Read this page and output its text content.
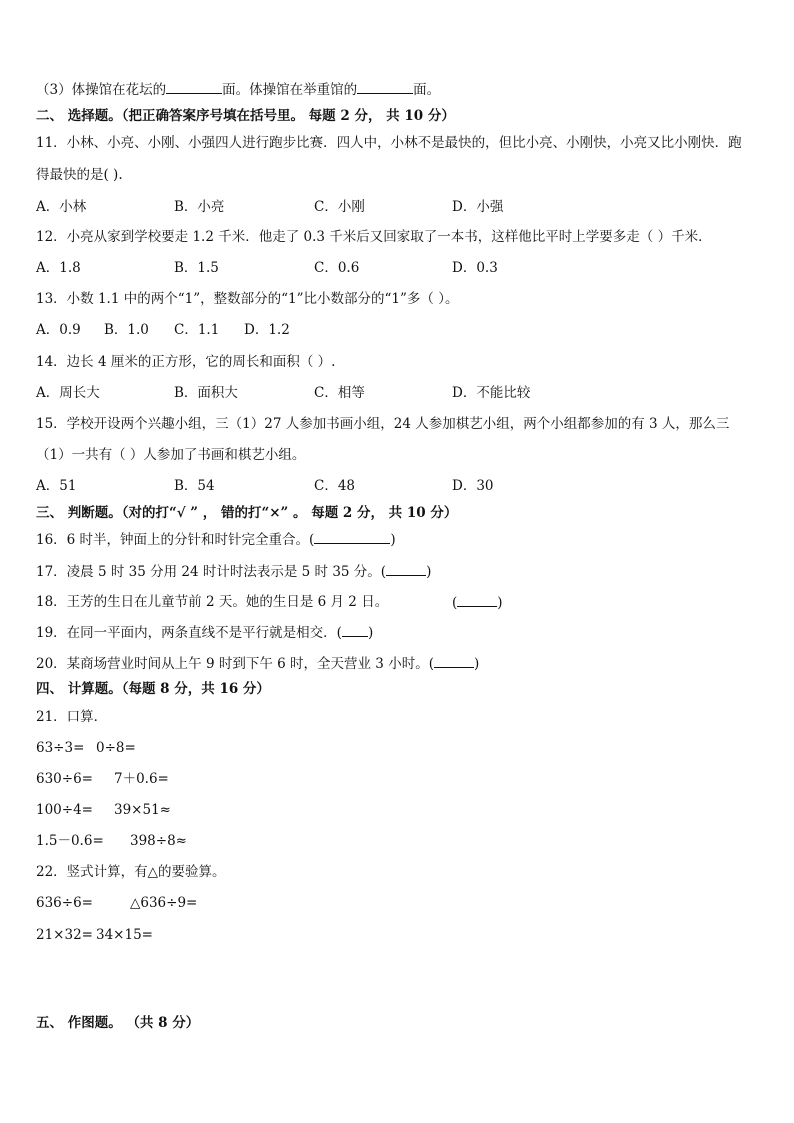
（3）体操馆在花坛的	面。体操馆在举重馆的	面。
二、 选择题。（把正确答案序号填在括号里。 每题 2 分， 共 10 分）
11．小林、小亮、小刚、小强四人进行跑步比赛．四人中，小林不是最快的，但比小亮、小刚快，小亮又比小刚快．跑
得最快的是( ).
A．小林	B．小亮	C．小刚	D．小强
12．小亮从家到学校要走 1.2 千米．他走了 0.3 千米后又回家取了一本书，这样他比平时上学要多走（ ）千米．
A．1.8	B．1.5	C．0.6	D．0.3
13．小数 1.1 中的两个“1”，整数部分的“1”比小数部分的“1”多（ ）。
A．0.9 B．1.0 C．1.1 D．1.2
14．边长 4 厘米的正方形，它的周长和面积（ ）.
A．周长大	B．面积大	C．相等	D．不能比较
15．学校开设两个兴趣小组，三（1）27 人参加书画小组，24 人参加棋艺小组，两个小组都参加的有 3 人，那么三
（1）一共有（ ）人参加了书画和棋艺小组。
A．51	B．54	C．48	D．30
三、 判断题。（对的打“√ ” ， 错的打“×” 。 每题 2 分， 共 10 分）
16．6 时半，钟面上的分针和时针完全重合。(	)
17．凌晨 5 时 35 分用 24 时计时法表示是 5 时 35 分。(	)
18．王芳的生日在儿童节前 2 天。她的生日是 6 月 2 日。	(	)
19．在同一平面内，两条直线不是平行就是相交．( )
20．某商场营业时间从上午 9 时到下午 6 时，全天营业 3 小时。(	)
四、 计算题。（每题 8 分，共 16 分）
21．口算．
63÷3= 0÷8=
630÷6= 7＋0.6=
100÷4= 39×51≈
1.5－0.6= 398÷8≈
22．竖式计算，有△的要验算。
636÷6=	△636÷9=
21×32= 34×15=
五、 作图题。 （共 8 分）
